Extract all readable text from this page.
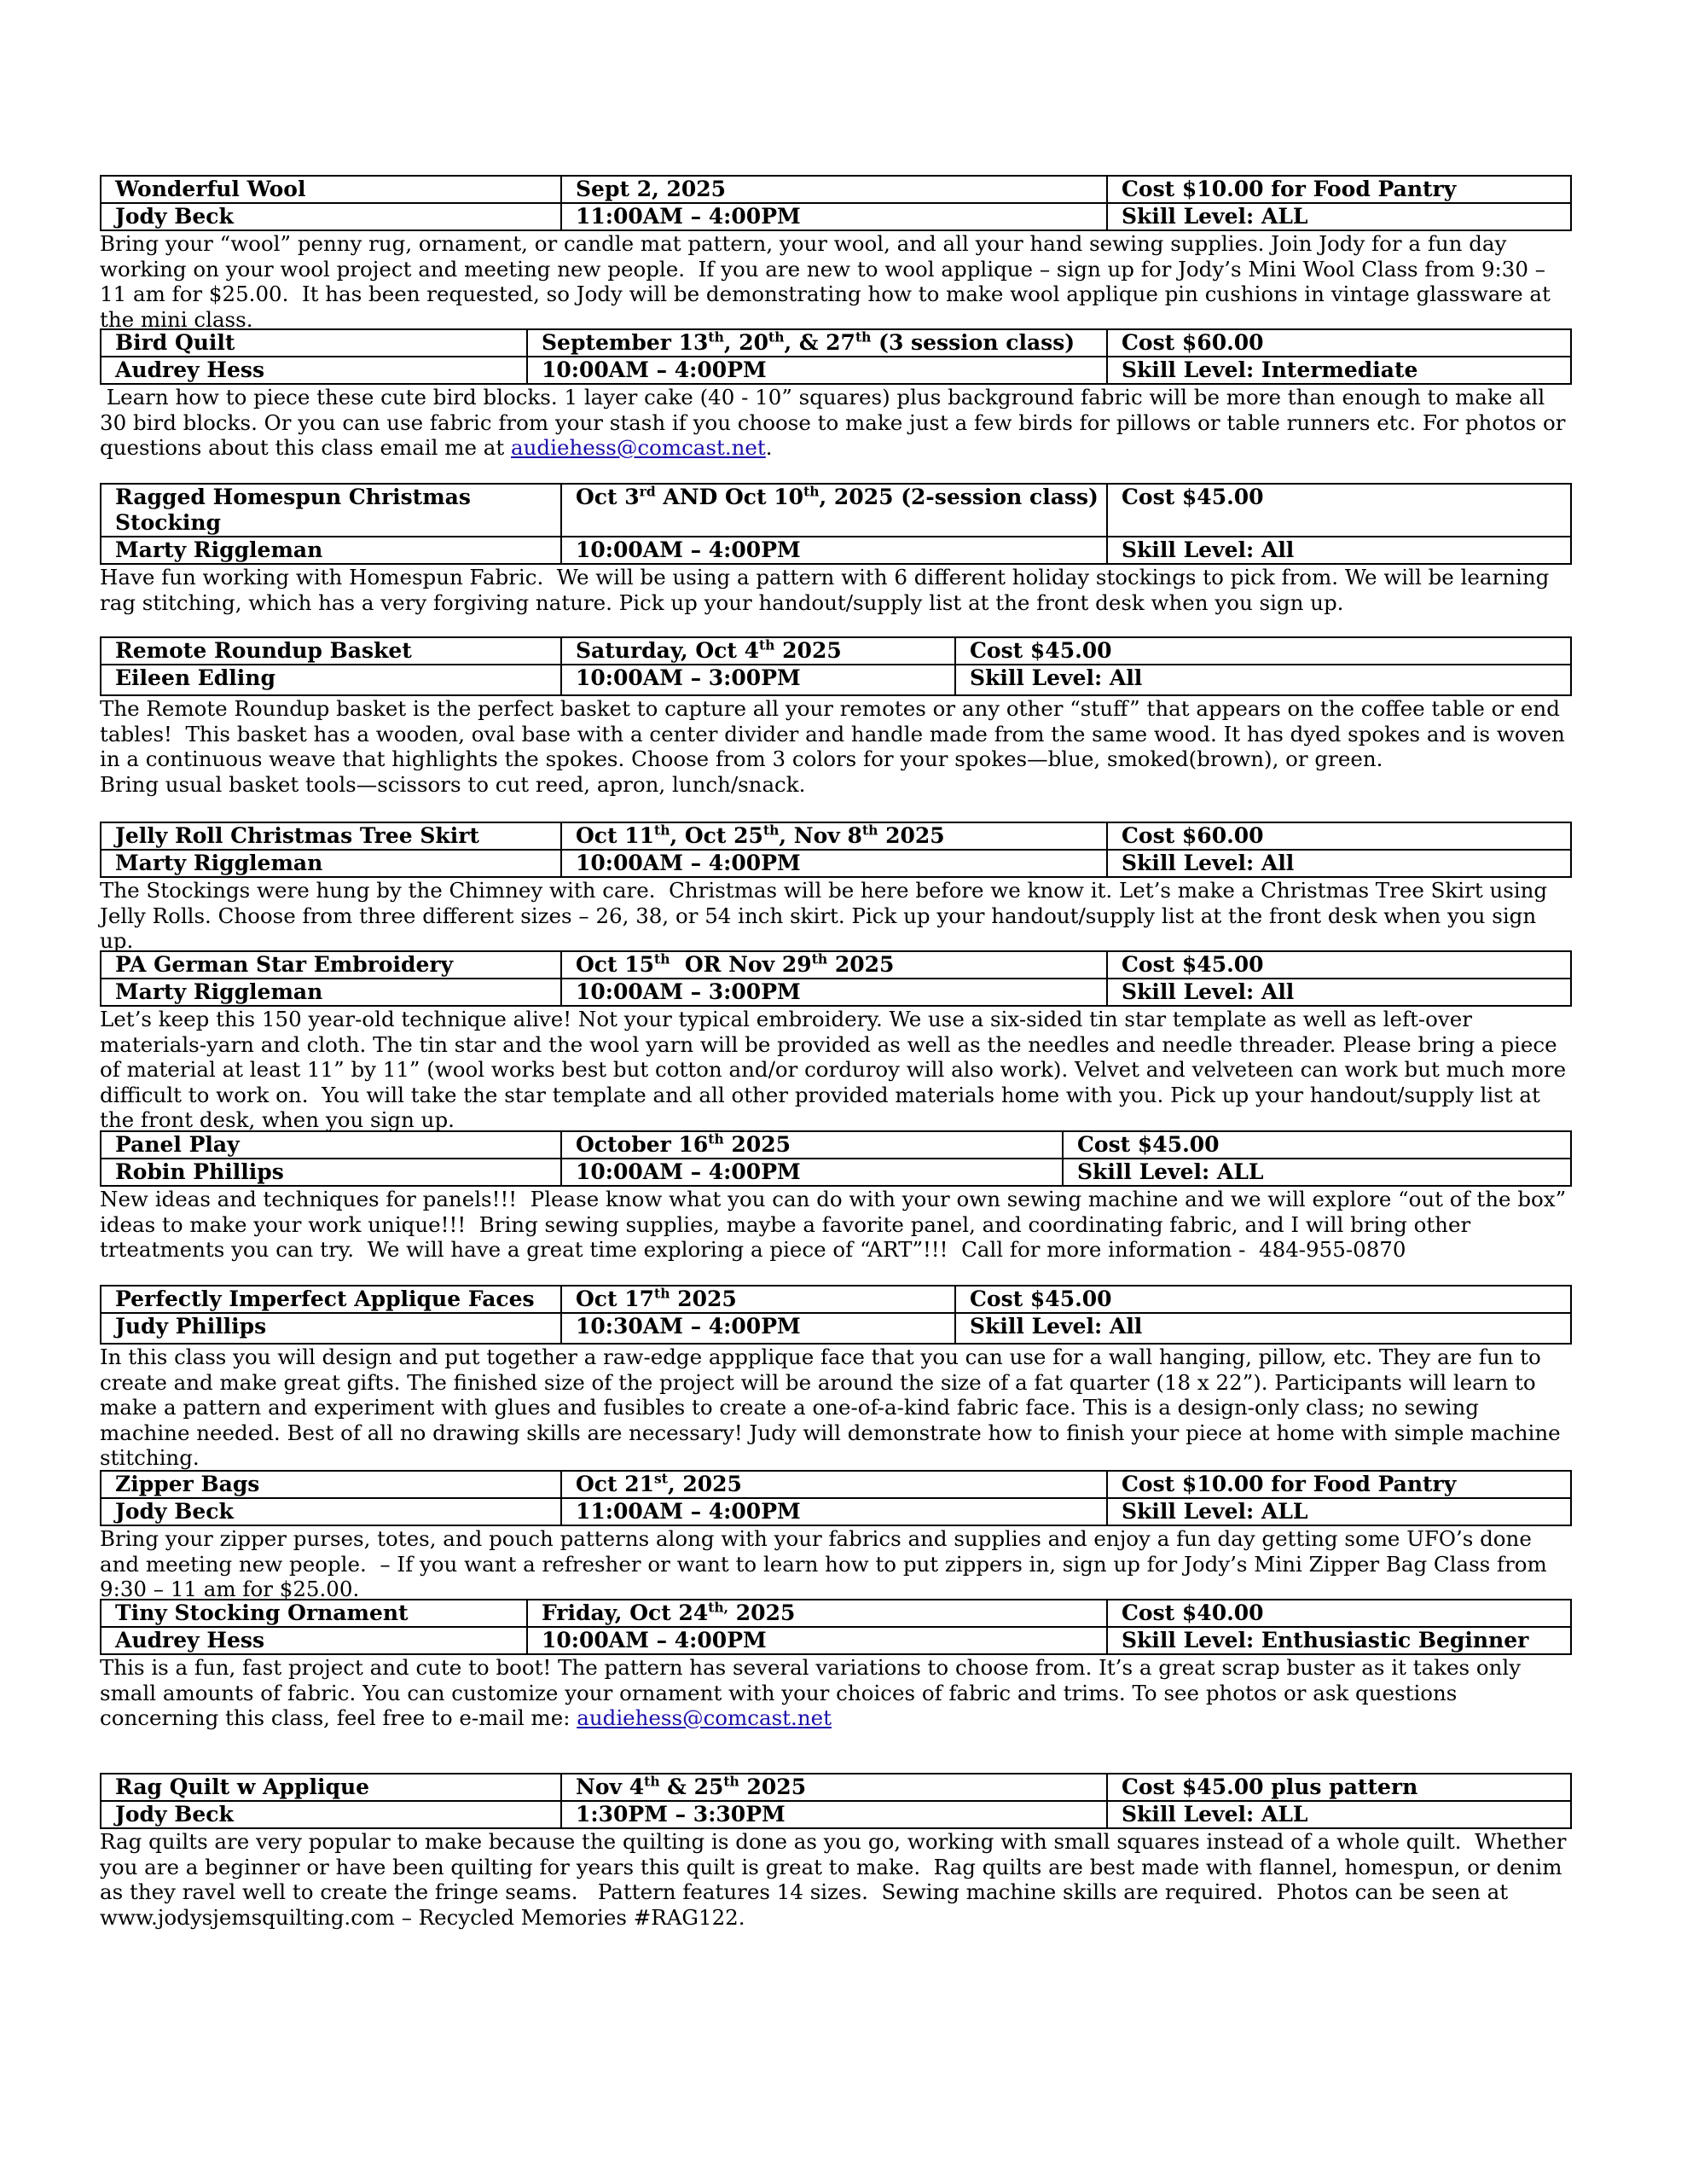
Wonderful Wool	Sept 2, 2025	Cost $10.00 for Food Pantry
Jody Beck	11:00AM – 4:00PM	Skill Level: ALL

Bring your “wool” penny rug, ornament, or candle mat pattern, your wool, and all your hand sewing supplies. Join Jody for a fun day working on your wool project and meeting new people.  If you are new to wool applique – sign up for Jody’s Mini Wool Class from 9:30 – 11 am for $25.00.  It has been requested, so Jody will be demonstrating how to make wool applique pin cushions in vintage glassware at the mini class.

Bird Quilt	September 13th, 20th, & 27th (3 session class)	Cost $60.00
Audrey Hess	10:00AM – 4:00PM	Skill Level: Intermediate

Learn how to piece these cute bird blocks. 1 layer cake (40 - 10” squares) plus background fabric will be more than enough to make all 30 bird blocks. Or you can use fabric from your stash if you choose to make just a few birds for pillows or table runners etc. For photos or questions about this class email me at audiehess@comcast.net.

Ragged Homespun Christmas Stocking	Oct 3rd AND Oct 10th, 2025 (2-session class)	Cost $45.00
Marty Riggleman	10:00AM – 4:00PM	Skill Level: All

Have fun working with Homespun Fabric.  We will be using a pattern with 6 different holiday stockings to pick from. We will be learning rag stitching, which has a very forgiving nature. Pick up your handout/supply list at the front desk when you sign up.

Remote Roundup Basket	Saturday, Oct 4th 2025	Cost $45.00
Eileen Edling	10:00AM – 3:00PM	Skill Level: All

The Remote Roundup basket is the perfect basket to capture all your remotes or any other “stuff” that appears on the coffee table or end tables!  This basket has a wooden, oval base with a center divider and handle made from the same wood. It has dyed spokes and is woven in a continuous weave that highlights the spokes. Choose from 3 colors for your spokes—blue, smoked(brown), or green.
Bring usual basket tools—scissors to cut reed, apron, lunch/snack.

Jelly Roll Christmas Tree Skirt	Oct 11th, Oct 25th, Nov 8th 2025	Cost $60.00
Marty Riggleman	10:00AM – 4:00PM	Skill Level: All

The Stockings were hung by the Chimney with care.  Christmas will be here before we know it. Let’s make a Christmas Tree Skirt using Jelly Rolls. Choose from three different sizes – 26, 38, or 54 inch skirt. Pick up your handout/supply list at the front desk when you sign up.

PA German Star Embroidery	Oct 15th  OR Nov 29th 2025	Cost $45.00
Marty Riggleman	10:00AM – 3:00PM	Skill Level: All

Let’s keep this 150 year-old technique alive! Not your typical embroidery. We use a six-sided tin star template as well as left-over materials-yarn and cloth. The tin star and the wool yarn will be provided as well as the needles and needle threader. Please bring a piece of material at least 11” by 11” (wool works best but cotton and/or corduroy will also work). Velvet and velveteen can work but much more difficult to work on.  You will take the star template and all other provided materials home with you. Pick up your handout/supply list at the front desk, when you sign up.

Panel Play	October 16th 2025	Cost $45.00
Robin Phillips	10:00AM – 4:00PM	Skill Level: ALL

New ideas and techniques for panels!!!  Please know what you can do with your own sewing machine and we will explore “out of the box” ideas to make your work unique!!!  Bring sewing supplies, maybe a favorite panel, and coordinating fabric, and I will bring other trteatments you can try.  We will have a great time exploring a piece of “ART”!!!  Call for more information -  484-955-0870

Perfectly Imperfect Applique Faces	Oct 17th 2025	Cost $45.00
Judy Phillips	10:30AM – 4:00PM	Skill Level: All

In this class you will design and put together a raw-edge appplique face that you can use for a wall hanging, pillow, etc. They are fun to create and make great gifts. The finished size of the project will be around the size of a fat quarter (18 x 22”). Participants will learn to make a pattern and experiment with glues and fusibles to create a one-of-a-kind fabric face. This is a design-only class; no sewing machine needed. Best of all no drawing skills are necessary! Judy will demonstrate how to finish your piece at home with simple machine stitching.

Zipper Bags	Oct 21st, 2025	Cost $10.00 for Food Pantry
Jody Beck	11:00AM – 4:00PM	Skill Level: ALL

Bring your zipper purses, totes, and pouch patterns along with your fabrics and supplies and enjoy a fun day getting some UFO’s done and meeting new people.  – If you want a refresher or want to learn how to put zippers in, sign up for Jody’s Mini Zipper Bag Class from 9:30 – 11 am for $25.00.

Tiny Stocking Ornament	Friday, Oct $24^{th,}$ 2025	Cost $40.00
Audrey Hess	10:00AM – 4:00PM	Skill Level: Enthusiastic Beginner

This is a fun, fast project and cute to boot! The pattern has several variations to choose from. It’s a great scrap buster as it takes only small amounts of fabric. You can customize your ornament with your choices of fabric and trims. To see photos or ask questions concerning this class, feel free to e-mail me: audiehess@comcast.net

Rag Quilt w Applique	Nov 4th & 25th 2025	Cost $45.00 plus pattern
Jody Beck	1:30PM – 3:30PM	Skill Level: ALL

Rag quilts are very popular to make because the quilting is done as you go, working with small squares instead of a whole quilt.  Whether you are a beginner or have been quilting for years this quilt is great to make.  Rag quilts are best made with flannel, homespun, or denim as they ravel well to create the fringe seams.   Pattern features 14 sizes.  Sewing machine skills are required.  Photos can be seen at www.jodysjemsquilting.com – Recycled Memories #RAG122.
